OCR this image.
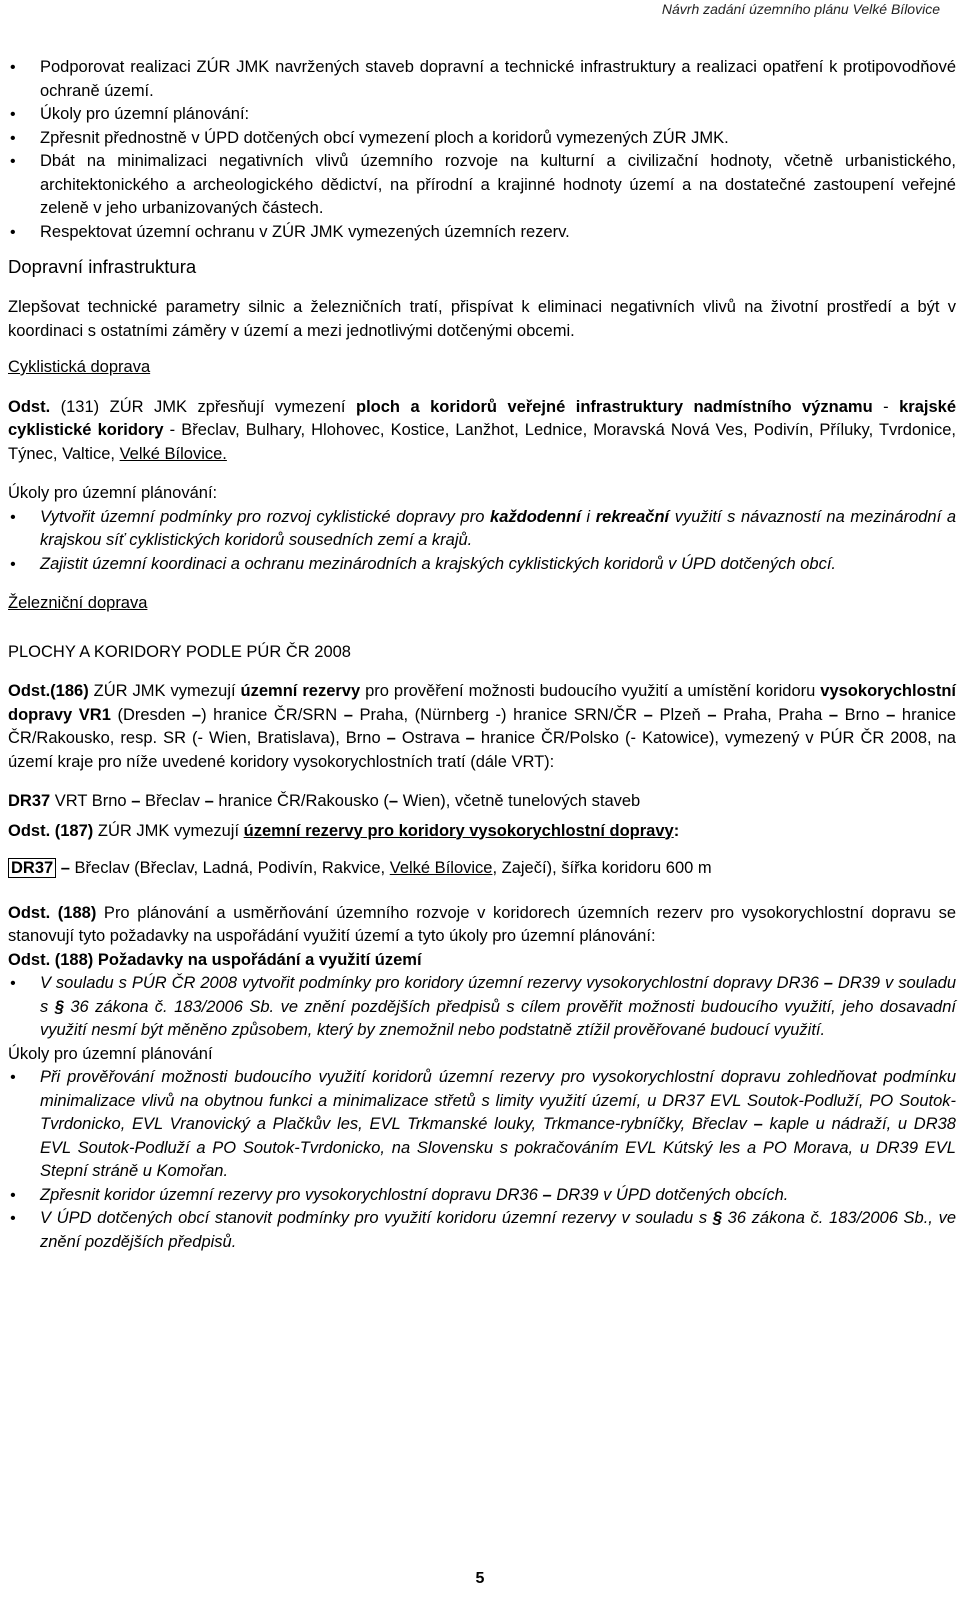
Návrh zadání územního plánu Velké Bílovice
• Podporovat realizaci ZÚR JMK navržených staveb dopravní a technické infrastruktury a realizaci opatření k protipovodňové ochraně území.
• Úkoly pro územní plánování:
• Zpřesnit přednostně v ÚPD dotčených obcí vymezení ploch a koridorů vymezených ZÚR JMK.
• Dbát na minimalizaci negativních vlivů územního rozvoje na kulturní a civilizační hodnoty, včetně urbanistického, architektonického a archeologického dědictví, na přírodní a krajinné hodnoty území a na dostatečné zastoupení veřejné zeleně v jeho urbanizovaných částech.
• Respektovat územní ochranu v ZÚR JMK vymezených územních rezerv.

Dopravní infrastruktura

Zlepšovat technické parametry silnic a železničních tratí, přispívat k eliminaci negativních vlivů na životní prostředí a být v koordinaci s ostatními záměry v území a mezi jednotlivými dotčenými obcemi.

Cyklistická doprava

Odst. (131) ZÚR JMK zpřesňují vymezení ploch a koridorů veřejné infrastruktury nadmístního významu - krajské cyklistické koridory - Břeclav, Bulhary, Hlohovec, Kostice, Lanžhot, Lednice, Moravská Nová Ves, Podivín, Příluky, Tvrdonice, Týnec, Valtice, Velké Bílovice.

Úkoly pro územní plánování:

• Vytvořit územní podmínky pro rozvoj cyklistické dopravy pro každodenní i rekreační využití s návazností na mezinárodní a krajskou síť cyklistických koridorů sousedních zemí a krajů.
• Zajistit územní koordinaci a ochranu mezinárodních a krajských cyklistických koridorů v ÚPD dotčených obcí.

Železniční doprava

PLOCHY A KORIDORY PODLE PÚR ČR 2008

Odst.(186) ZÚR JMK vymezují územní rezervy pro prověření možnosti budoucího využití a umístění koridoru vysokorychlostní dopravy VR1 (Dresden –) hranice ČR/SRN – Praha, (Nürnberg -) hranice SRN/ČR – Plzeň – Praha, Praha – Brno – hranice ČR/Rakousko, resp. SR (- Wien, Bratislava), Brno – Ostrava – hranice ČR/Polsko (- Katowice), vymezený v PÚR ČR 2008, na území kraje pro níže uvedené koridory vysokorychlostních tratí (dále VRT):

DR37 VRT Brno – Břeclav – hranice ČR/Rakousko (– Wien), včetně tunelových staveb

Odst. (187) ZÚR JMK vymezují územní rezervy pro koridory vysokorychlostní dopravy:

DR37 – Břeclav (Břeclav, Ladná, Podivín, Rakvice, Velké Bílovice, Zaječí), šířka koridoru 600 m

Odst. (188) Pro plánování a usměrňování územního rozvoje v koridorech územních rezerv pro vysokorychlostní dopravu se stanovují tyto požadavky na uspořádání využití území a tyto úkoly pro územní plánování:

Odst. (188) Požadavky na uspořádání a využití území

• V souladu s PÚR ČR 2008 vytvořit podmínky pro koridory územní rezervy vysokorychlostní dopravy DR36 – DR39 v souladu s § 36 zákona č. 183/2006 Sb. ve znění pozdějších předpisů s cílem prověřit možnosti budoucího využití, jeho dosavadní využití nesmí být měněno způsobem, který by znemožnil nebo podstatně ztížil prověřované budoucí využití.

Úkoly pro územní plánování

• Při prověřování možnosti budoucího využití koridorů územní rezervy pro vysokorychlostní dopravu zohledňovat podmínku minimalizace vlivů na obytnou funkci a minimalizace střetů s limity využití území, u DR37 EVL Soutok-Podluží, PO Soutok-Tvrdonicko, EVL Vranovický a Plačkův les, EVL Trkmanské louky, Trkmance-rybníčky, Břeclav – kaple u nádraží, u DR38 EVL Soutok-Podluží a PO Soutok-Tvrdonicko, na Slovensku s pokračováním EVL Kútský les a PO Morava, u DR39 EVL Stepní stráně u Komořan.
• Zpřesnit koridor územní rezervy pro vysokorychlostní dopravu DR36 – DR39 v ÚPD dotčených obcích.
• V ÚPD dotčených obcí stanovit podmínky pro využití koridoru územní rezervy v souladu s § 36 zákona č. 183/2006 Sb., ve znění pozdějších předpisů.
5
